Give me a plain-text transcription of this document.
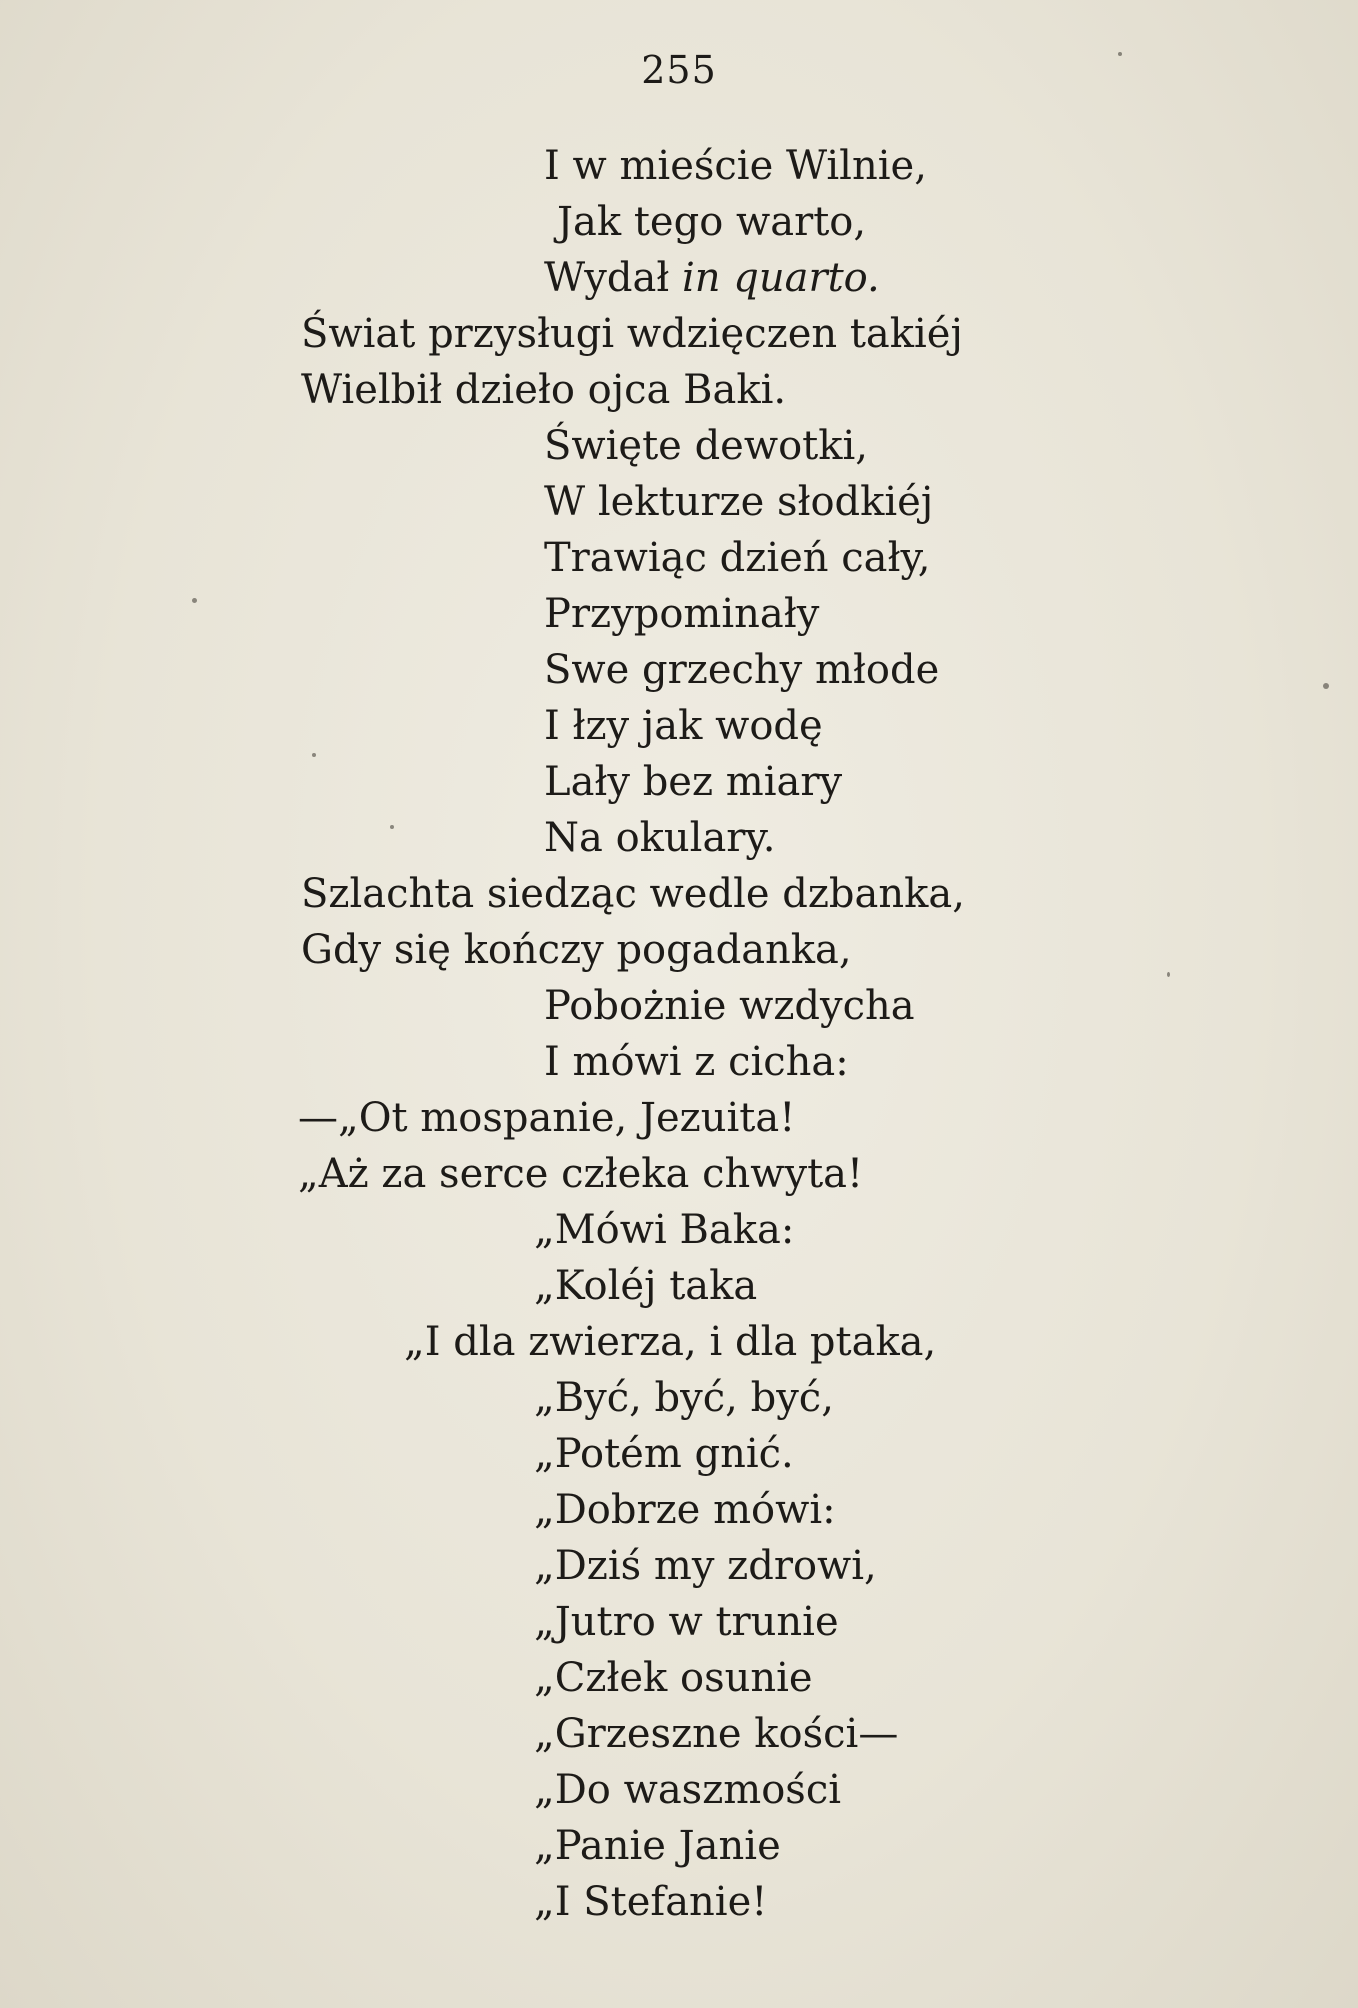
255
I w mieście Wilnie,
Jak tego warto,
Wydał in quarto.
Świat przysługi wdzięczen takiéj
Wielbił dzieło ojca Baki.
Święte dewotki,
W lekturze słodkiéj
Trawiąc dzień cały,
Przypominały
Swe grzechy młode
I łzy jak wodę
Lały bez miary
Na okulary.
Szlachta siedząc wedle dzbanka,
Gdy się kończy pogadanka,
Pobożnie wzdycha
I mówi z cicha:
—„Ot mospanie, Jezuita!
„Aż za serce człeka chwyta!
„Mówi Baka:
„Koléj taka
„I dla zwierza, i dla ptaka,
„Być, być, być,
„Potém gnić.
„Dobrze mówi:
„Dziś my zdrowi,
„Jutro w trunie
„Człek osunie
„Grzeszne kości—
„Do waszmości
„Panie Janie
„I Stefanie!
